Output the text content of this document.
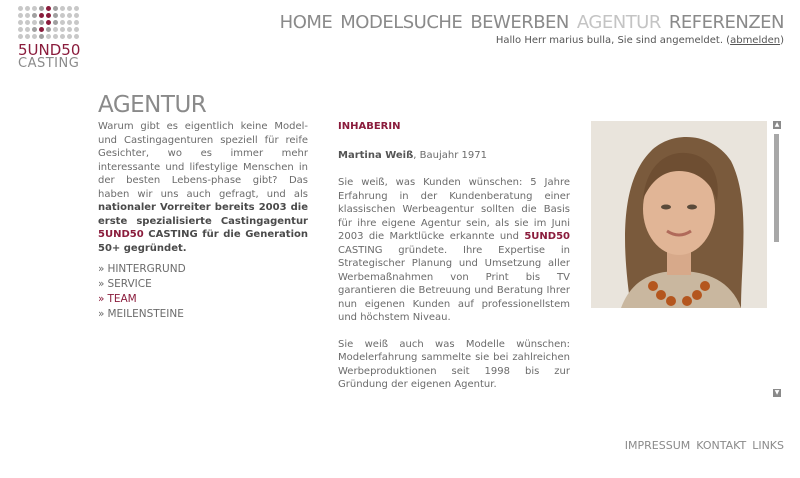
5UND50
CASTING
HOME MODELSUCHE BEWERBEN AGENTUR REFERENZEN
Hallo Herr marius bulla, Sie sind angemeldet. (abmelden)
AGENTUR
Warum gibt es eigentlich keine Model-und Castingagenturen speziell für reife Gesichter, wo es immer mehr interessante und lifestylige Menschen in der besten Lebens-phase gibt? Das haben wir uns auch gefragt, und als nationaler Vorreiter bereits 2003 die erste spezialisierte Castingagentur 5UND50 CASTING für die Generation 50+ gegründet.
» HINTERGRUND
» SERVICE
» TEAM
» MEILENSTEINE
INHABERIN

Martina Weiß, Baujahr 1971

Sie weiß, was Kunden wünschen: 5 Jahre Erfahrung in der Kundenberatung einer klassischen Werbeagentur sollten die Basis für ihre eigene Agentur sein, als sie im Juni 2003 die Marktlücke erkannte und 5UND50 CASTING gründete. Ihre Expertise in Strategischer Planung und Umsetzung aller Werbemaßnahmen von Print bis TV garantieren die Betreuung und Beratung Ihrer nun eigenen Kunden auf professionellstem und höchstem Niveau.

Sie weiß auch was Modelle wünschen: Modelerfahrung sammelte sie bei zahlreichen Werbeproduktionen seit 1998 bis zur Gründung der eigenen Agentur.

▲
▼
IMPRESSUM KONTAKT LINKS
